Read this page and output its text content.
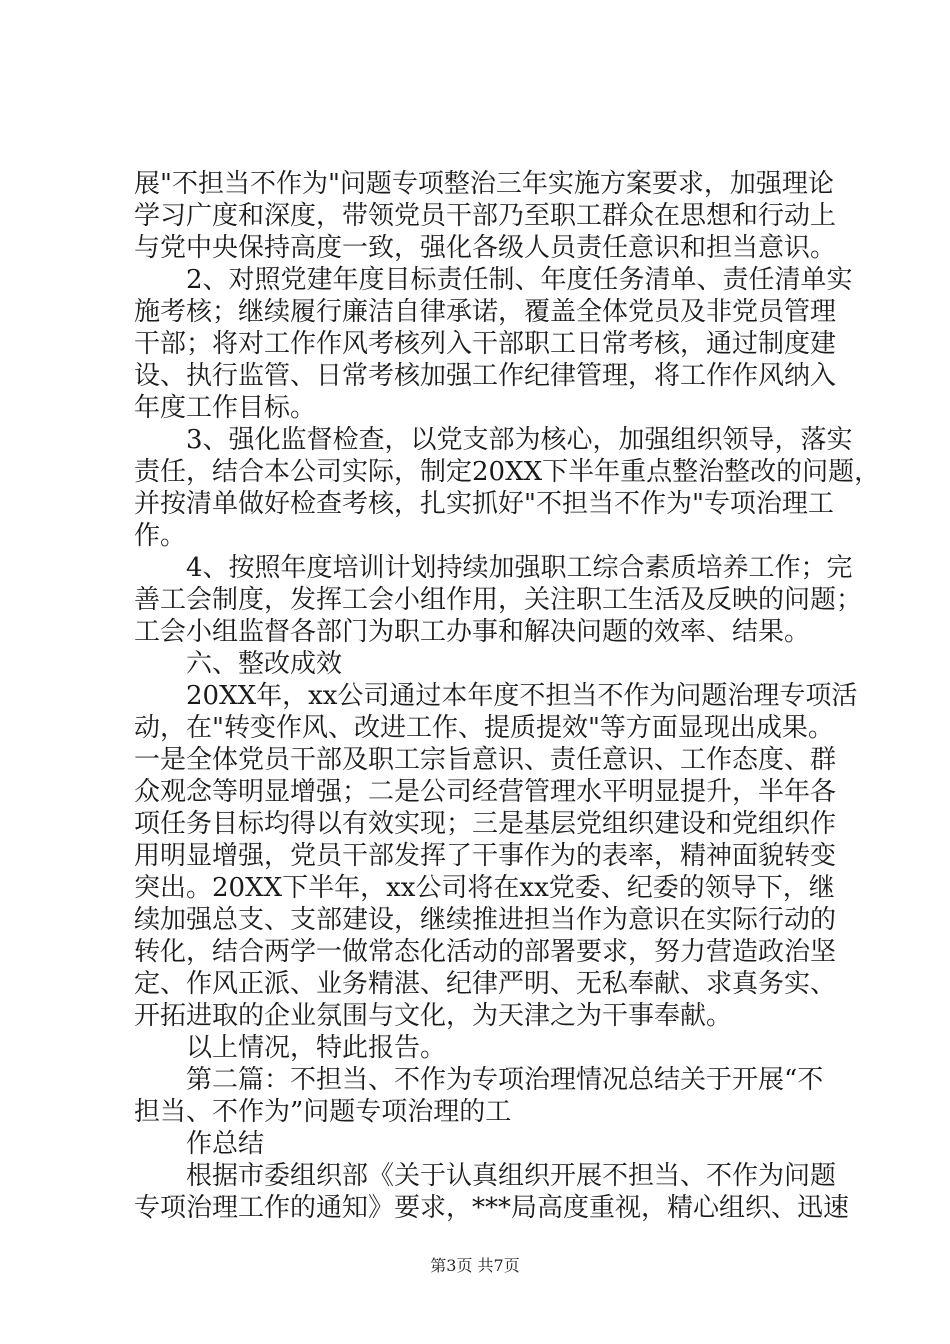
展"不担当不作为"问题专项整治三年实施方案要求，加强理论
学习广度和深度，带领党员干部乃至职工群众在思想和行动上
与党中央保持高度一致，强化各级人员责任意识和担当意识。
2、对照党建年度目标责任制、年度任务清单、责任清单实
施考核；继续履行廉洁自律承诺，覆盖全体党员及非党员管理
干部；将对工作作风考核列入干部职工日常考核，通过制度建
设、执行监管、日常考核加强工作纪律管理，将工作作风纳入
年度工作目标。
3、强化监督检查，以党支部为核心，加强组织领导，落实
责任，结合本公司实际，制定20XX下半年重点整治整改的问题，
并按清单做好检查考核，扎实抓好"不担当不作为"专项治理工
作。
4、按照年度培训计划持续加强职工综合素质培养工作；完
善工会制度，发挥工会小组作用，关注职工生活及反映的问题；
工会小组监督各部门为职工办事和解决问题的效率、结果。
六、整改成效
20XX年，xx公司通过本年度不担当不作为问题治理专项活
动，在"转变作风、改进工作、提质提效"等方面显现出成果。
一是全体党员干部及职工宗旨意识、责任意识、工作态度、群
众观念等明显增强；二是公司经营管理水平明显提升，半年各
项任务目标均得以有效实现；三是基层党组织建设和党组织作
用明显增强，党员干部发挥了干事作为的表率，精神面貌转变
突出。20XX下半年，xx公司将在xx党委、纪委的领导下，继
续加强总支、支部建设，继续推进担当作为意识在实际行动的
转化，结合两学一做常态化活动的部署要求，努力营造政治坚
定、作风正派、业务精湛、纪律严明、无私奉献、求真务实、
开拓进取的企业氛围与文化，为天津之为干事奉献。
以上情况，特此报告。
第二篇：不担当、不作为专项治理情况总结关于开展“不
担当、不作为”问题专项治理的工
作总结
根据市委组织部《关于认真组织开展不担当、不作为问题
专项治理工作的通知》要求，***局高度重视，精心组织、迅速
第3页 共7页
